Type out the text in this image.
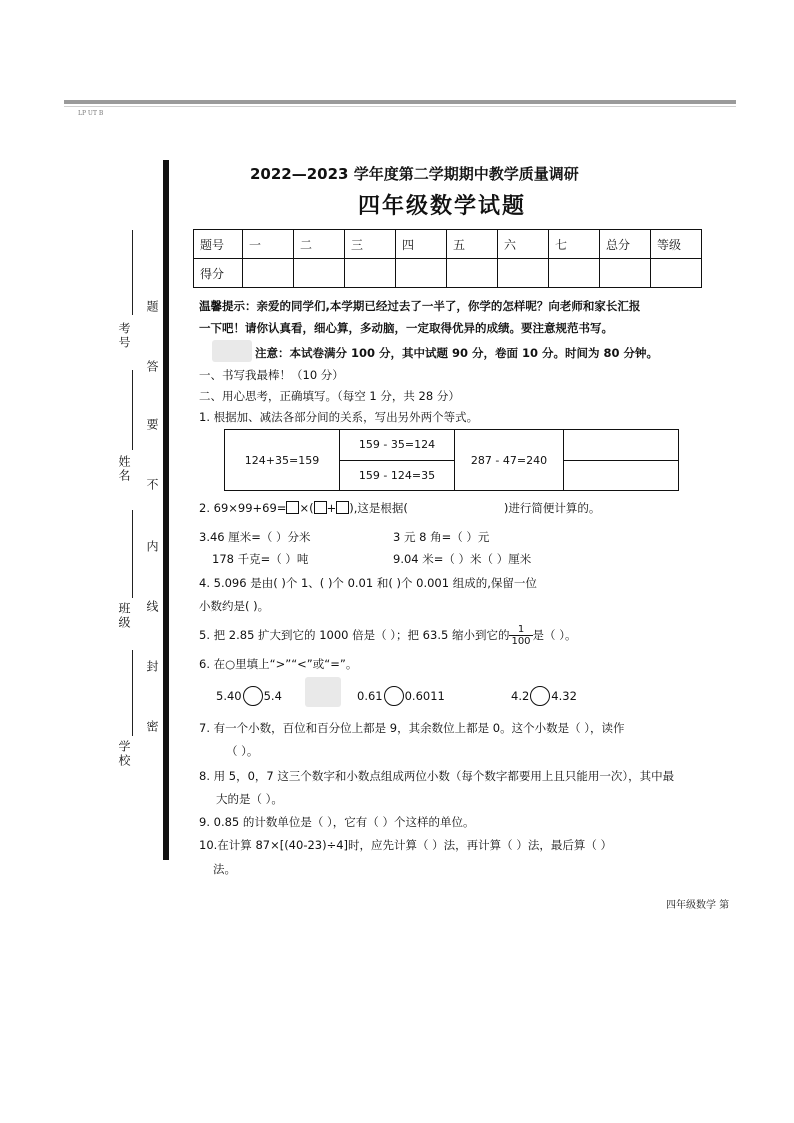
LP UT B
考号
姓名
班级
学校
题
答
要
不
内
线
封
密
2022—2023 学年度第二学期期中教学质量调研
四年级数学试题
题号	一	二	三	四	五	六	七	总分	等级
得分									
温馨提示：亲爱的同学们,本学期已经过去了一半了，你学的怎样呢？向老师和家长汇报
一下吧！请你认真看，细心算，多动脑，一定取得优异的成绩。要注意规范书写。
注意：本试卷满分 100 分，其中试题 90 分，卷面 10 分。时间为 80 分钟。
一、书写我最棒！（10 分）
二、用心思考，正确填写。（每空 1 分，共 28 分）
1. 根据加、减法各部分间的关系，写出另外两个等式。
124+35=159	159 - 35=124	287 - 47=240	
	159 - 124=35		
2. 69×99+69= ×( + ),这是根据(	)进行简便计算的。
3.46 厘米=（ ）分米	3 元 8 角=（ ）元
178 千克=（ ）吨	9.04 米=（ ）米（ ）厘米
4. 5.096 是由( )个 1、( )个 0.01 和( )个 0.001 组成的,保留一位
小数约是( )。
5. 把 2.85 扩大到它的 1000 倍是（ ）；把 63.5 缩小到它的 $\frac{1}{100}$ 是（ ）。
6. 在○里填上“>”“<”或“=”。
5.40 5.4	0.61 0.6011	4.2 4.32
7. 有一个小数，百位和百分位上都是 9，其余数位上都是 0。这个小数是（ ），读作
（ ）。
8. 用 5，0，7 这三个数字和小数点组成两位小数（每个数字都要用上且只能用一次），其中最
大的是（ ）。
9. 0.85 的计数单位是（ ），它有（ ）个这样的单位。
10.在计算 87×[(40-23)÷4]时，应先计算（ ）法，再计算（ ）法，最后算（ ）
法。
四年级数学 第
